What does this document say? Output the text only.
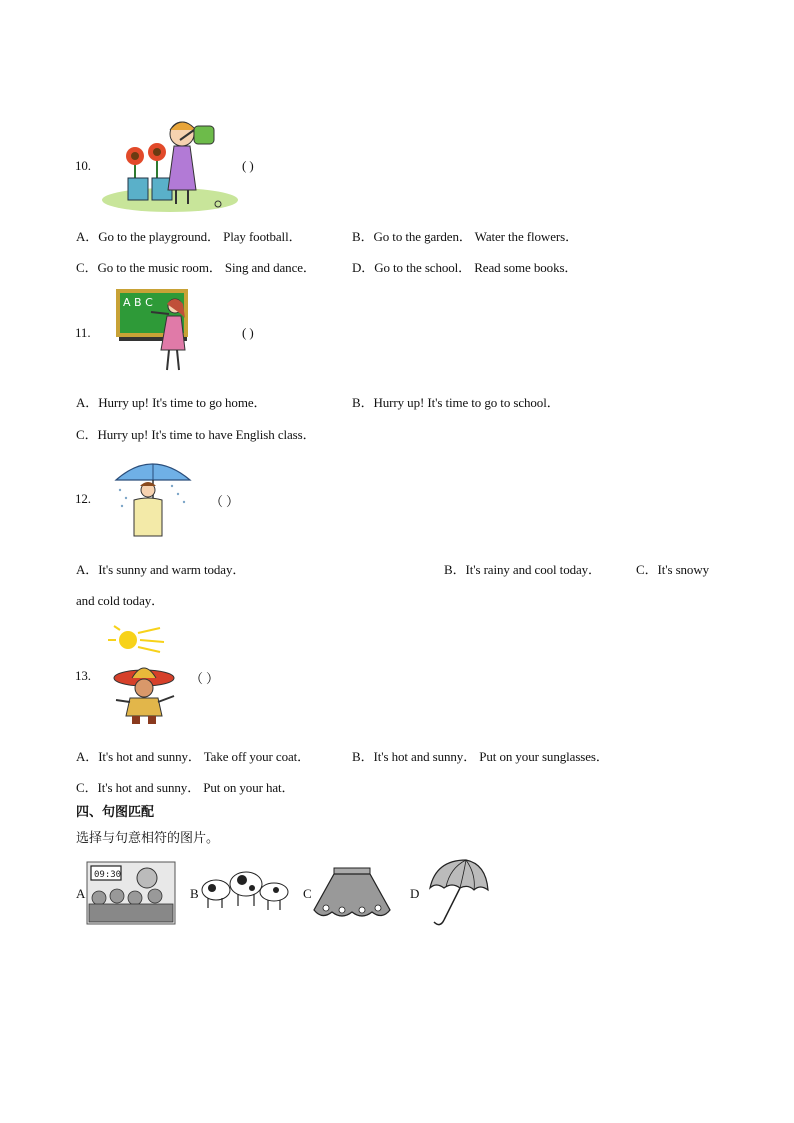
10.	( )
A．Go to the playground． Play football．	B．Go to the garden． Water the flowers．
C．Go to the music room． Sing and dance．	D．Go to the school． Read some books．
11.
A B C
( )
A．Hurry up! It's time to go home．	B．Hurry up! It's time to go to school．
C．Hurry up! It's time to have English class．
12.	（ ）
A．It's sunny and warm today．	B．It's rainy and cool today．	C．It's snowy
and cold today．
13.	（ ）
A．It's hot and sunny． Take off your coat．	B．It's hot and sunny． Put on your sunglasses．
C．It's hot and sunny． Put on your hat．
四、句图匹配
选择与句意相符的图片。
A
09:30
B	C	D
